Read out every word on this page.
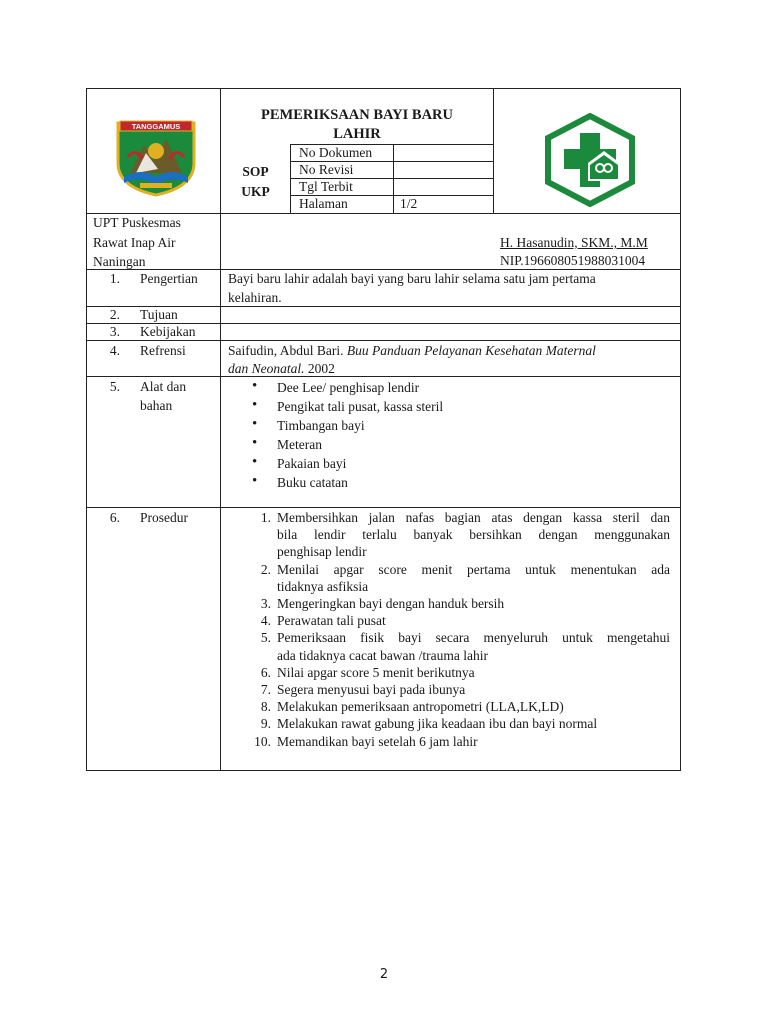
TANGGAMUS
PEMERIKSAAN BAYI BARU
LAHIR
SOP
UKP
No Dokumen
No Revisi
Tgl Terbit
Halaman	1/2
UPT Puskesmas
Rawat Inap Air
Naningan
H. Hasanudin, SKM., M.M
NIP.196608051988031004
1. Pengertian Bayi baru lahir adalah bayi yang baru lahir selama satu jam pertama
kelahiran.
2. Tujuan
3. Kebijakan
4. Refrensi	Saifudin, Abdul Bari. Buu Panduan Pelayanan Kesehatan Maternal
dan Neonatal. 2002
5. Alat dan
bahan
• Dee Lee/ penghisap lendir
• Pengikat tali pusat, kassa steril
• Timbangan bayi
• Meteran
• Pakaian bayi
• Buku catatan
6. Prosedur	1. Membersihkan jalan nafas bagian atas dengan kassa steril dan
bila lendir terlalu banyak bersihkan dengan menggunakan
penghisap lendir
2. Menilai apgar score menit pertama untuk menentukan ada
tidaknya asfiksia
3. Mengeringkan bayi dengan handuk bersih
4. Perawatan tali pusat
5. Pemeriksaan fisik bayi secara menyeluruh untuk mengetahui
ada tidaknya cacat bawan /trauma lahir
6. Nilai apgar score 5 menit berikutnya
7. Segera menyusui bayi pada ibunya
8. Melakukan pemeriksaan antropometri (LLA,LK,LD)
9. Melakukan rawat gabung jika keadaan ibu dan bayi normal
10. Memandikan bayi setelah 6 jam lahir
2
